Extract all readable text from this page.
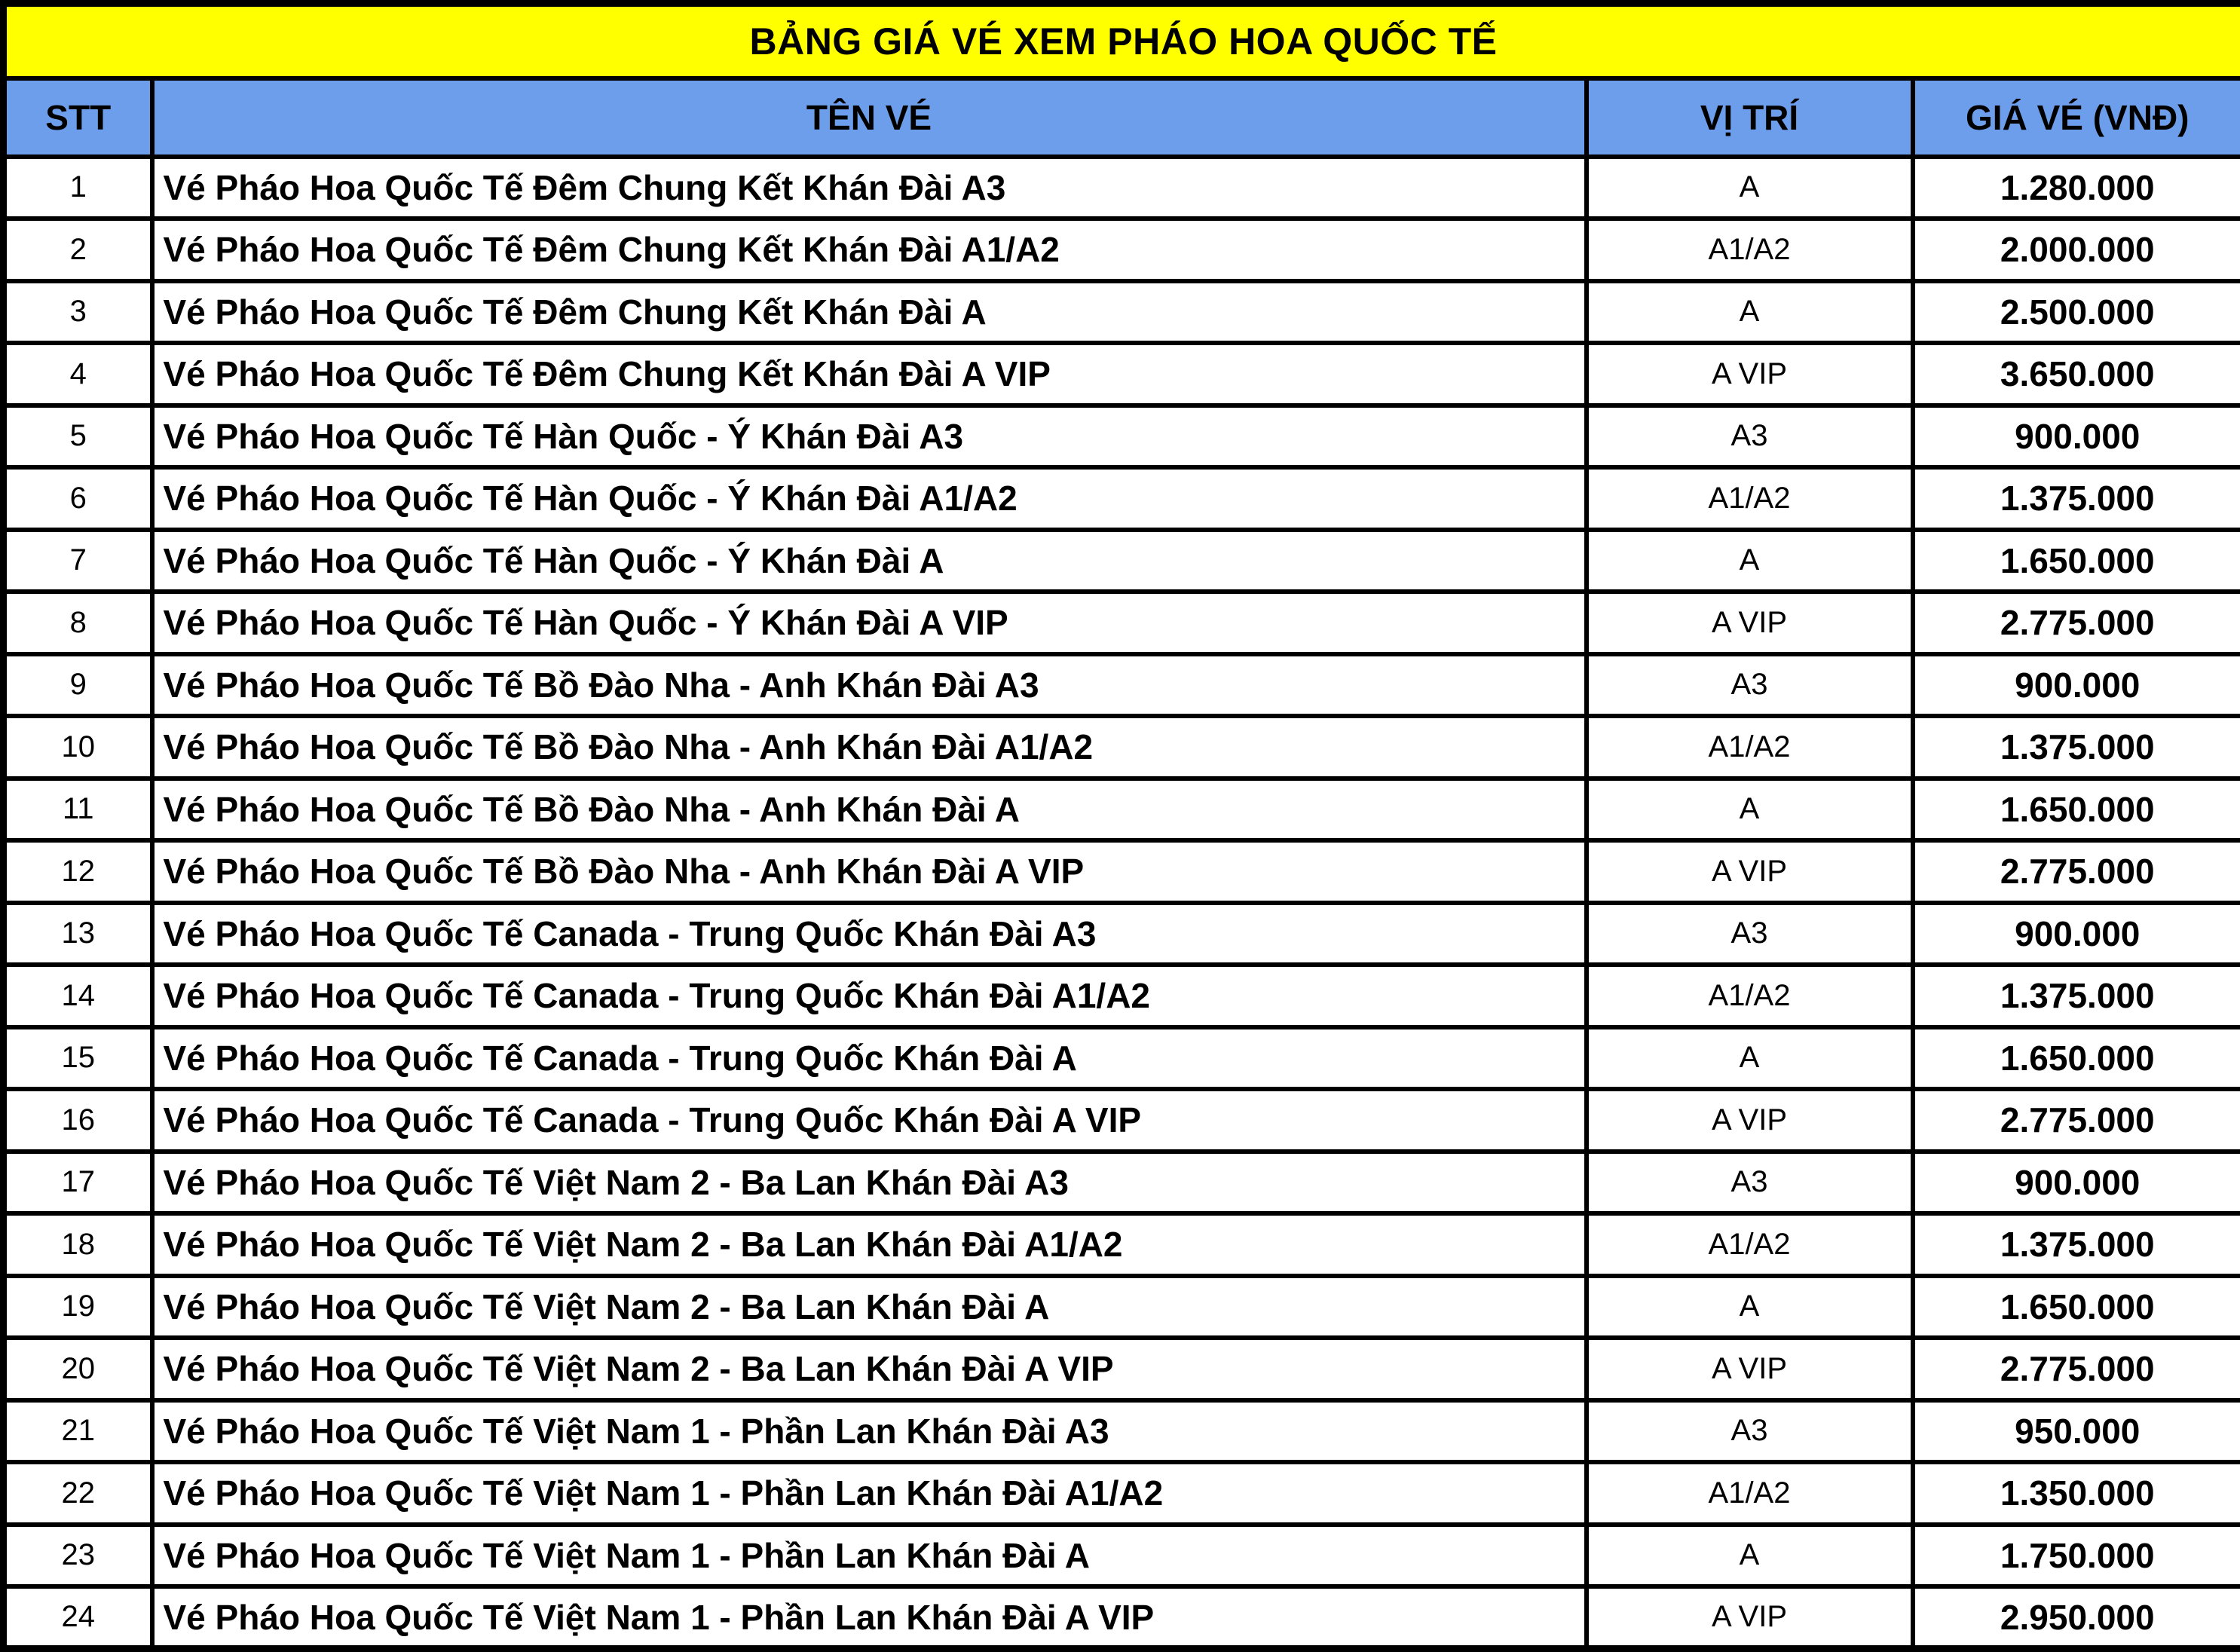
BẢNG GIÁ VÉ XEM PHÁO HOA QUỐC TẾ			
STT	TÊN VÉ	VỊ TRÍ	GIÁ VÉ (VNĐ)
1	Vé Pháo Hoa Quốc Tế Đêm Chung Kết Khán Đài A3	A	1.280.000
2	Vé Pháo Hoa Quốc Tế Đêm Chung Kết Khán Đài A1/A2	A1/A2	2.000.000
3	Vé Pháo Hoa Quốc Tế Đêm Chung Kết Khán Đài A	A	2.500.000
4	Vé Pháo Hoa Quốc Tế Đêm Chung Kết Khán Đài A VIP	A VIP	3.650.000
5	Vé Pháo Hoa Quốc Tế Hàn Quốc - Ý Khán Đài A3	A3	900.000
6	Vé Pháo Hoa Quốc Tế Hàn Quốc - Ý Khán Đài A1/A2	A1/A2	1.375.000
7	Vé Pháo Hoa Quốc Tế Hàn Quốc - Ý Khán Đài A	A	1.650.000
8	Vé Pháo Hoa Quốc Tế Hàn Quốc - Ý Khán Đài A VIP	A VIP	2.775.000
9	Vé Pháo Hoa Quốc Tế Bồ Đào Nha - Anh Khán Đài A3	A3	900.000
10	Vé Pháo Hoa Quốc Tế Bồ Đào Nha - Anh Khán Đài A1/A2	A1/A2	1.375.000
11	Vé Pháo Hoa Quốc Tế Bồ Đào Nha - Anh Khán Đài A	A	1.650.000
12	Vé Pháo Hoa Quốc Tế Bồ Đào Nha - Anh Khán Đài A VIP	A VIP	2.775.000
13	Vé Pháo Hoa Quốc Tế Canada - Trung Quốc Khán Đài A3	A3	900.000
14	Vé Pháo Hoa Quốc Tế Canada - Trung Quốc Khán Đài A1/A2	A1/A2	1.375.000
15	Vé Pháo Hoa Quốc Tế Canada - Trung Quốc Khán Đài A	A	1.650.000
16	Vé Pháo Hoa Quốc Tế Canada - Trung Quốc Khán Đài A VIP	A VIP	2.775.000
17	Vé Pháo Hoa Quốc Tế Việt Nam 2 - Ba Lan Khán Đài A3	A3	900.000
18	Vé Pháo Hoa Quốc Tế Việt Nam 2 - Ba Lan Khán Đài A1/A2	A1/A2	1.375.000
19	Vé Pháo Hoa Quốc Tế Việt Nam 2 - Ba Lan Khán Đài A	A	1.650.000
20	Vé Pháo Hoa Quốc Tế Việt Nam 2 - Ba Lan Khán Đài A VIP	A VIP	2.775.000
21	Vé Pháo Hoa Quốc Tế Việt Nam 1 - Phần Lan Khán Đài A3	A3	950.000
22	Vé Pháo Hoa Quốc Tế Việt Nam 1 - Phần Lan Khán Đài A1/A2	A1/A2	1.350.000
23	Vé Pháo Hoa Quốc Tế Việt Nam 1 - Phần Lan Khán Đài A	A	1.750.000
24	Vé Pháo Hoa Quốc Tế Việt Nam 1 - Phần Lan Khán Đài A VIP	A VIP	2.950.000
